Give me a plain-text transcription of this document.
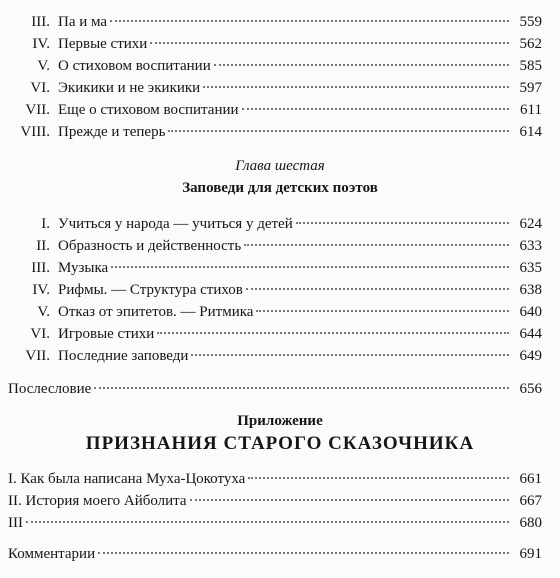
III. Па и ма	559
IV. Первые стихи	562
V. О стиховом воспитании	585
VI. Экикики и не экикики	597
VII. Еще о стиховом воспитании	611
VIII. Прежде и теперь	614
Глава шестая
Заповеди для детских поэтов
I. Учиться у народа — учиться у детей	624
II. Образность и действенность	633
III. Музыка	635
IV. Рифмы. — Структура стихов	638
V. Отказ от эпитетов. — Ритмика	640
VI. Игровые стихи	644
VII. Последние заповеди	649
Послесловие	656
Приложение
ПРИЗНАНИЯ СТАРОГО СКАЗОЧНИКА
I. Как была написана Муха-Цокотуха	661
II. История моего Айболита	667
III	680
Комментарии	691
